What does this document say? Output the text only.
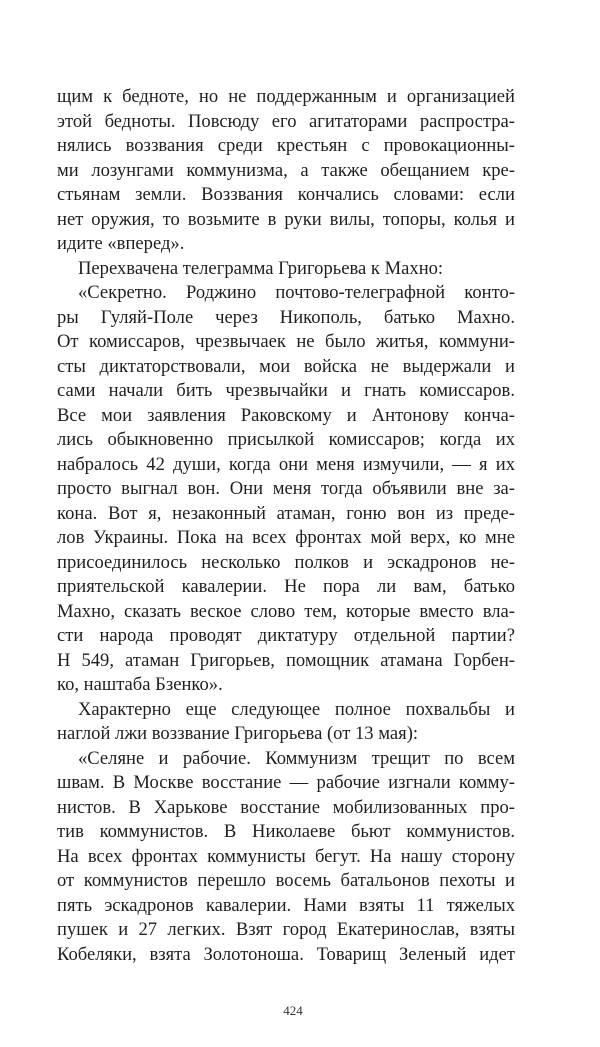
щим к бедноте, но не поддержанным и организацией
этой бедноты. Повсюду его агитаторами распростра-
нялись воззвания среди крестьян с провокационны-
ми лозунгами коммунизма, а также обещанием кре-
стьянам земли. Воззвания кончались словами: если
нет оружия, то возьмите в руки вилы, топоры, колья и
идите «вперед».
Перехвачена телеграмма Григорьева к Махно:
«Секретно. Роджино почтово-телеграфной конто-
ры Гуляй-Поле через Никополь, батько Махно.
От комиссаров, чрезвычаек не было житья, коммуни-
сты диктаторствовали, мои войска не выдержали и
сами начали бить чрезвычайки и гнать комиссаров.
Все мои заявления Раковскому и Антонову конча-
лись обыкновенно присылкой комиссаров; когда их
набралось 42 души, когда они меня измучили, — я их
просто выгнал вон. Они меня тогда объявили вне за-
кона. Вот я, незаконный атаман, гоню вон из преде-
лов Украины. Пока на всех фронтах мой верх, ко мне
присоединилось несколько полков и эскадронов не-
приятельской кавалерии. Не пора ли вам, батько
Махно, сказать веское слово тем, которые вместо вла-
сти народа проводят диктатуру отдельной партии?
Н 549, атаман Григорьев, помощник атамана Горбен-
ко, наштаба Бзенко».
Характерно еще следующее полное похвальбы и
наглой лжи воззвание Григорьева (от 13 мая):
«Селяне и рабочие. Коммунизм трещит по всем
швам. В Москве восстание — рабочие изгнали комму-
нистов. В Харькове восстание мобилизованных про-
тив коммунистов. В Николаеве бьют коммунистов.
На всех фронтах коммунисты бегут. На нашу сторону
от коммунистов перешло восемь батальонов пехоты и
пять эскадронов кавалерии. Нами взяты 11 тяжелых
пушек и 27 легких. Взят город Екатеринослав, взяты
Кобеляки, взята Золотоноша. Товарищ Зеленый идет
424
